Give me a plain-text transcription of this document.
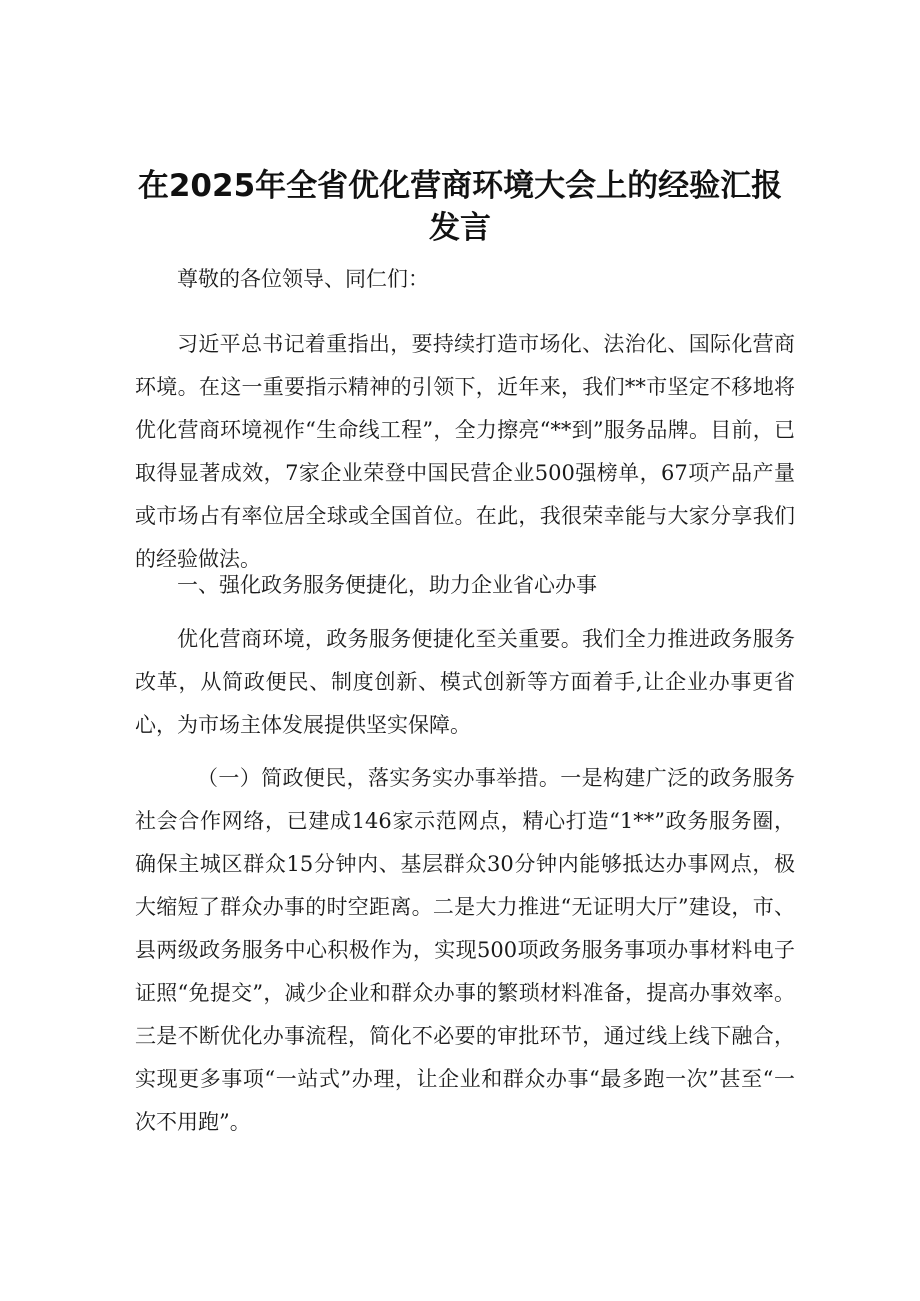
在2025年全省优化营商环境大会上的经验汇报
发言

尊敬的各位领导、同仁们：

习近平总书记着重指出，要持续打造市场化、法治化、国际化营商环境。在这一重要指示精神的引领下，近年来，我们**市坚定不移地将优化营商环境视作“生命线工程”，全力擦亮“**到”服务品牌。目前，已取得显著成效，7家企业荣登中国民营企业500强榜单，67项产品产量或市场占有率位居全球或全国首位。在此，我很荣幸能与大家分享我们的经验做法。

一、强化政务服务便捷化，助力企业省心办事

优化营商环境，政务服务便捷化至关重要。我们全力推进政务服务改革，从简政便民、制度创新、模式创新等方面着手,让企业办事更省心，为市场主体发展提供坚实保障。

（一）简政便民，落实务实办事举措。一是构建广泛的政务服务社会合作网络，已建成146家示范网点，精心打造“1**”政务服务圈，确保主城区群众15分钟内、基层群众30分钟内能够抵达办事网点，极大缩短了群众办事的时空距离。二是大力推进“无证明大厅”建设，市、县两级政务服务中心积极作为，实现500项政务服务事项办事材料电子证照“免提交”，减少企业和群众办事的繁琐材料准备，提高办事效率。三是不断优化办事流程，简化不必要的审批环节，通过线上线下融合，实现更多事项“一站式”办理，让企业和群众办事“最多跑一次”甚至“一次不用跑”。
